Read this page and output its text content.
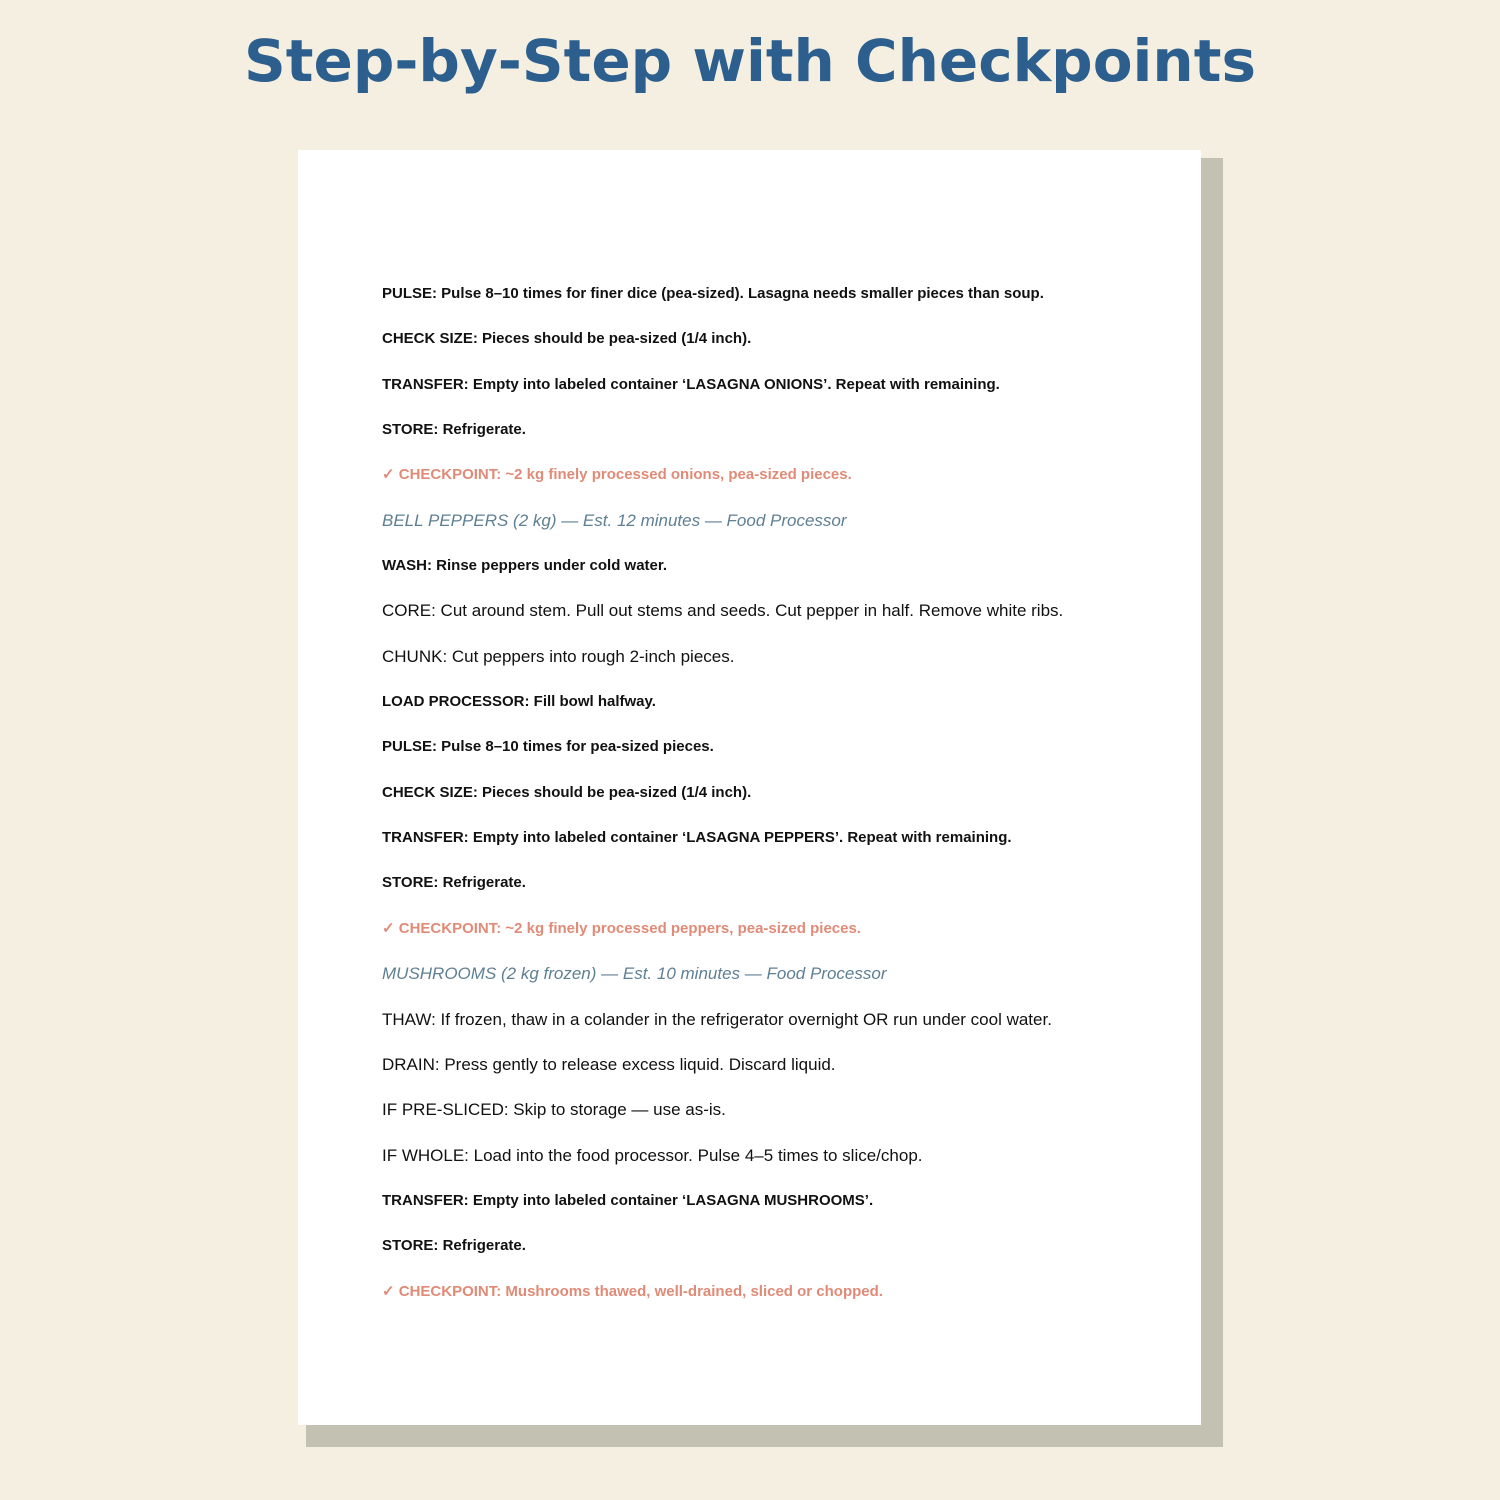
Step-by-Step with Checkpoints
PULSE: Pulse 8–10 times for finer dice (pea-sized). Lasagna needs smaller pieces than soup.
CHECK SIZE: Pieces should be pea-sized (1/4 inch).
TRANSFER: Empty into labeled container ‘LASAGNA ONIONS’. Repeat with remaining.
STORE: Refrigerate.
✓ CHECKPOINT: ~2 kg finely processed onions, pea-sized pieces.
BELL PEPPERS (2 kg) — Est. 12 minutes — Food Processor
WASH: Rinse peppers under cold water.
CORE: Cut around stem. Pull out stems and seeds. Cut pepper in half. Remove white ribs.
CHUNK: Cut peppers into rough 2-inch pieces.
LOAD PROCESSOR: Fill bowl halfway.
PULSE: Pulse 8–10 times for pea-sized pieces.
CHECK SIZE: Pieces should be pea-sized (1/4 inch).
TRANSFER: Empty into labeled container ‘LASAGNA PEPPERS’. Repeat with remaining.
STORE: Refrigerate.
✓ CHECKPOINT: ~2 kg finely processed peppers, pea-sized pieces.
MUSHROOMS (2 kg frozen) — Est. 10 minutes — Food Processor
THAW: If frozen, thaw in a colander in the refrigerator overnight OR run under cool water.
DRAIN: Press gently to release excess liquid. Discard liquid.
IF PRE-SLICED: Skip to storage — use as-is.
IF WHOLE: Load into the food processor. Pulse 4–5 times to slice/chop.
TRANSFER: Empty into labeled container ‘LASAGNA MUSHROOMS’.
STORE: Refrigerate.
✓ CHECKPOINT: Mushrooms thawed, well-drained, sliced or chopped.
